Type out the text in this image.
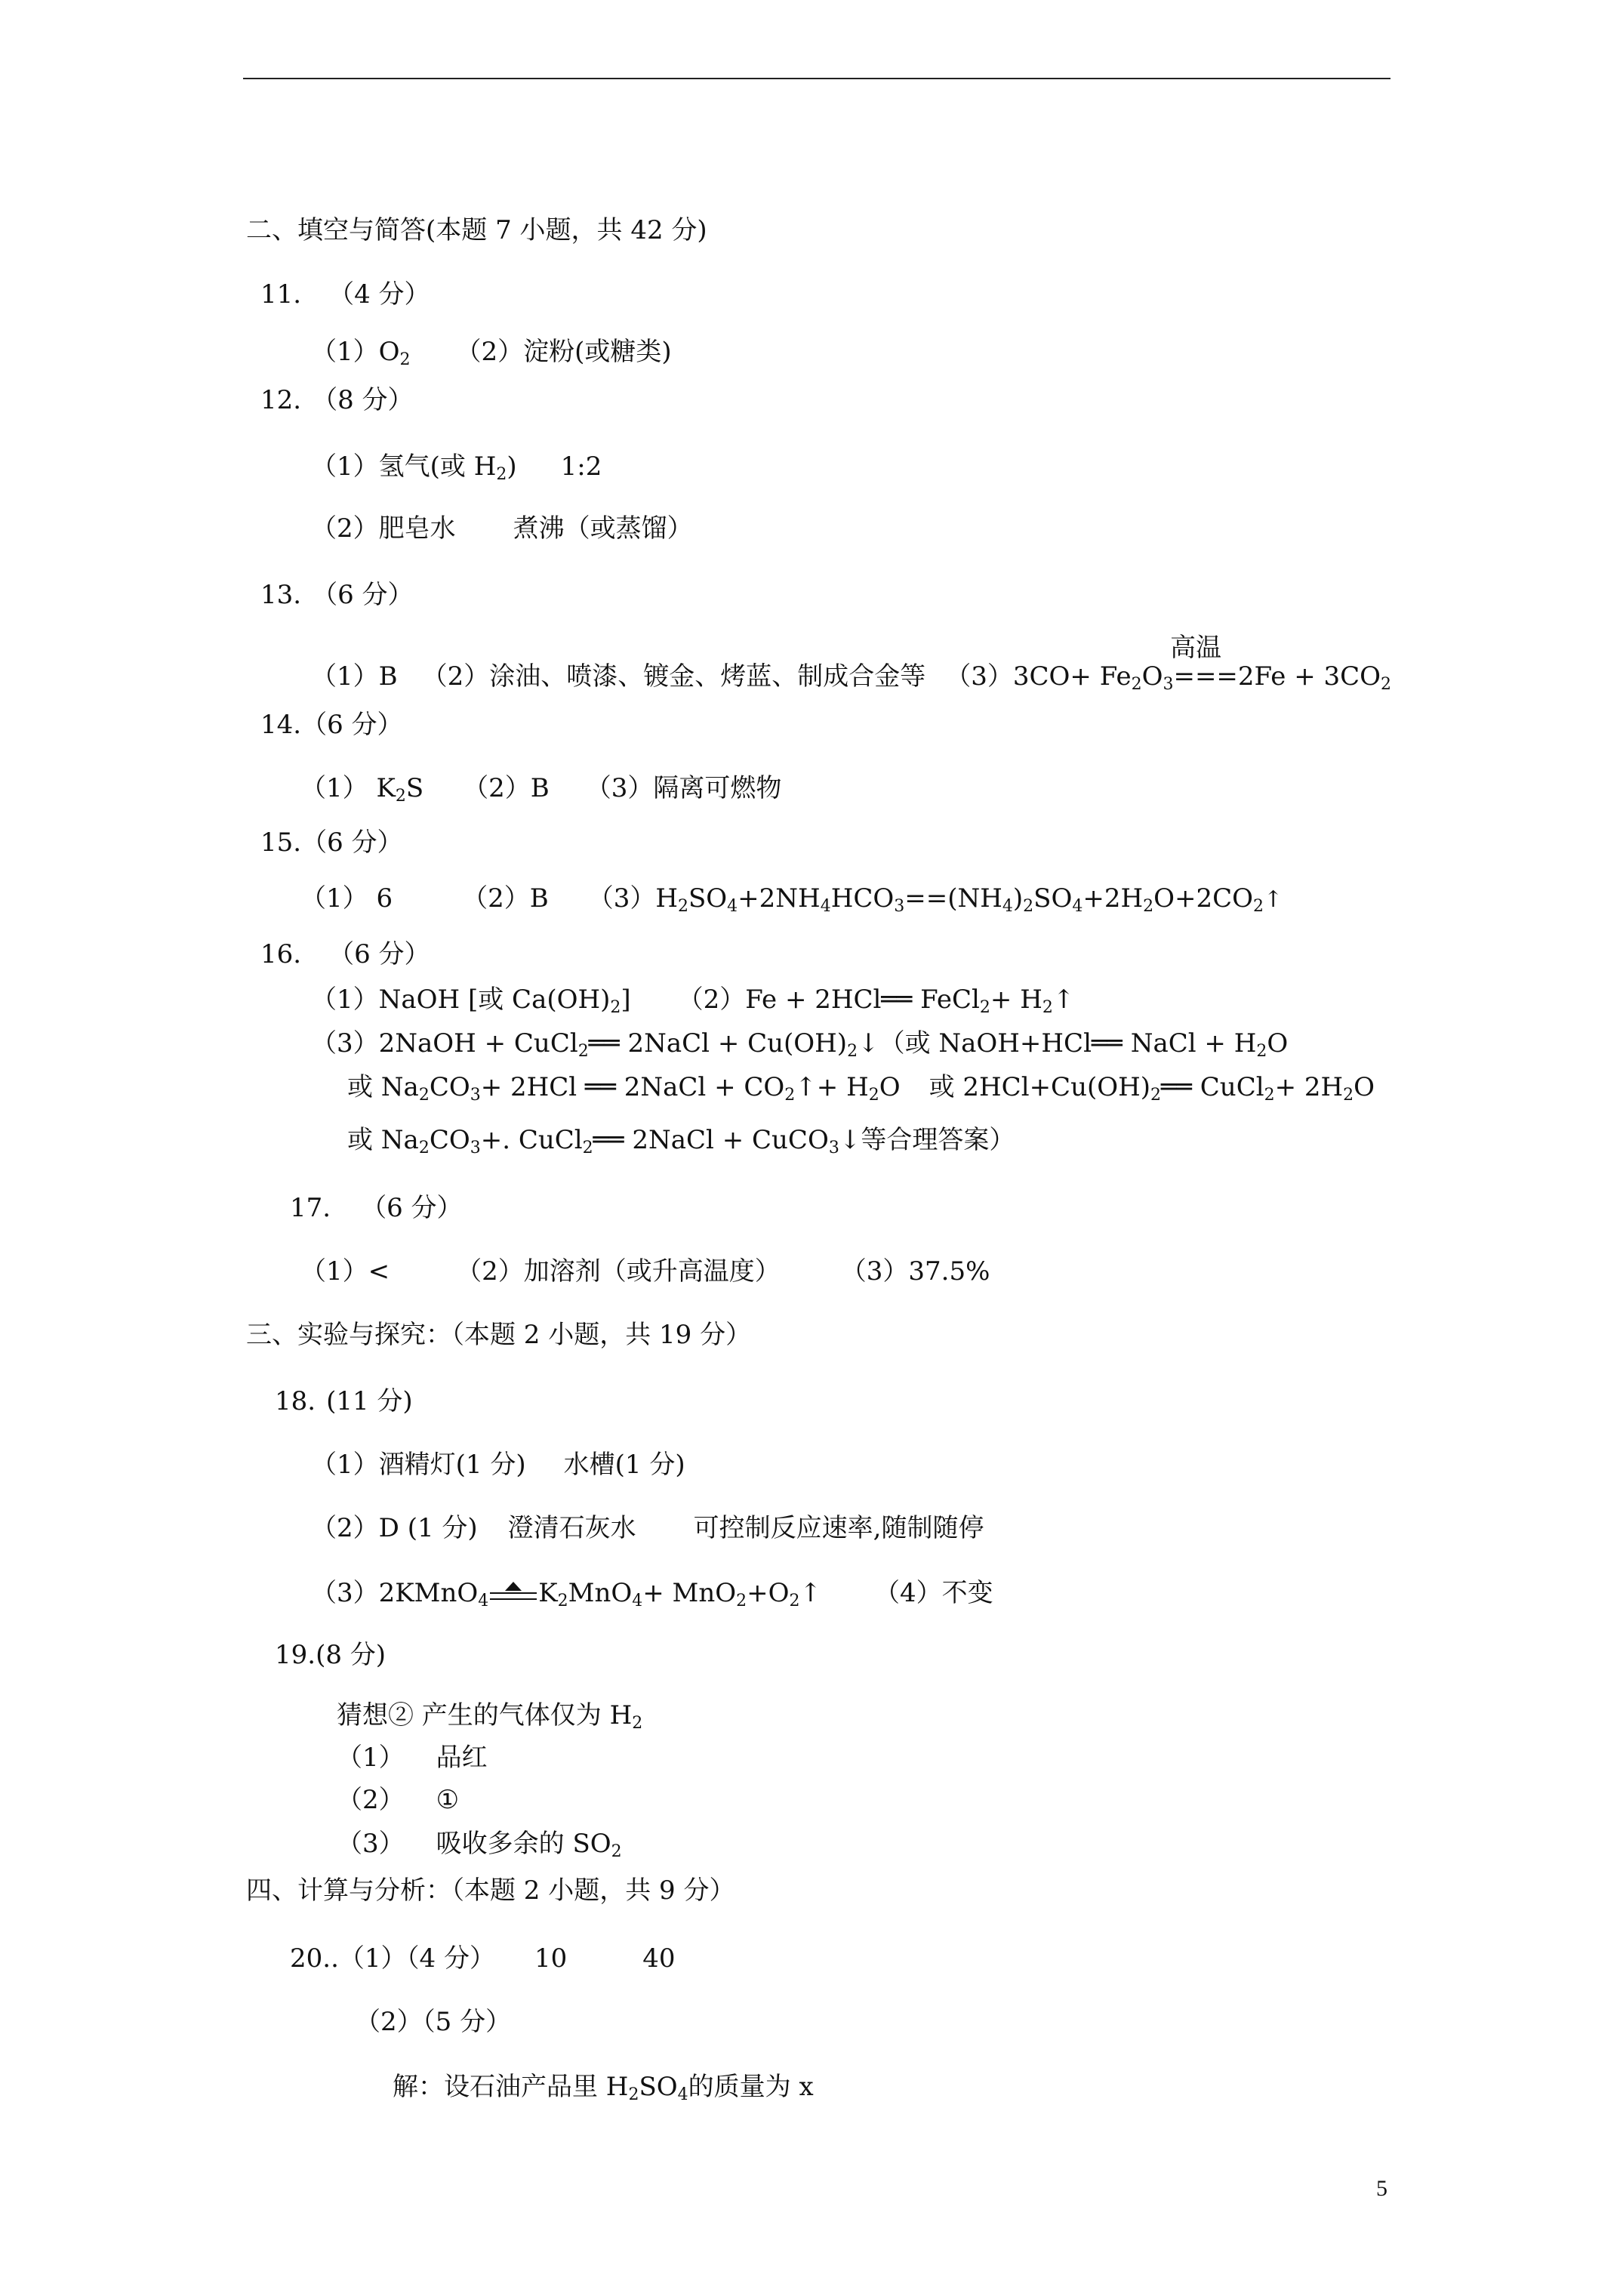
二、填空与简答(本题 7 小题，共 42 分)
11. （4 分）
$(1)O_2$ （2）淀粉(或糖类)
12. （8 分）
（1）氢气(或 $H_2$) 1:2
（2）肥皂水 煮沸（或蒸馏）
13. （6 分）
高温
（1）B （2）涂油、喷漆、镀金、烤蓝、制成合金等 $(3)3CO+ Fe_2O_3===2Fe + 3CO_2$
14.（6 分）
（1） $K_2S$ （2）B （3）隔离可燃物
15.（6 分）
（1） 6	（2）B $(3)H_2SO_4+2NH_4HCO_3==(NH_4)_2SO_4+2H_2O+2CO_2↑$
16. （6 分）
（1）NaOH [或 $Ca(OH)_2$] （2）Fe + 2HCl══ FeCl$_2$+ $H_2↑$
（3）2NaOH + CuCl$_2$══ 2NaCl + $Cu(OH)_2↓$（或 NaOH+HCl══ NaCl + $H_2O$
或 $Na_2CO_3+ 2HCl$ ══ 2NaCl + $CO_2↑+ H_2O$ 或 $2HCl+Cu(OH)_2══$ CuCl$_2$+ $2H_2O$
或 $Na_2CO_3+$. CuCl$_2$══ 2NaCl + CuCO$_3$↓等合理答案）
17. （6 分）
（1）<	（2）加溶剂（或升高温度） （3）37.5%
三、实验与探究：（本题 2 小题，共 19 分）
18. (11 分)
（1）酒精灯(1 分) 水槽(1 分)
（2）D (1 分) 澄清石灰水 可控制反应速率,随制随停
（3）2KMnO$_4$ $K_2MnO_4+$ $MnO_2+O_2↑$ （4）不变
19.(8 分)
猜想② 产生的气体仅为 $H_2$
（1） 品红
（2） ①
（3） 吸收多余的 $SO_2$
四、计算与分析：（本题 2 小题，共 9 分）
20..（1）（4 分） 10	40
（2）（5 分）
解：设石油产品里 $H_2SO_4$的质量为 x
5
